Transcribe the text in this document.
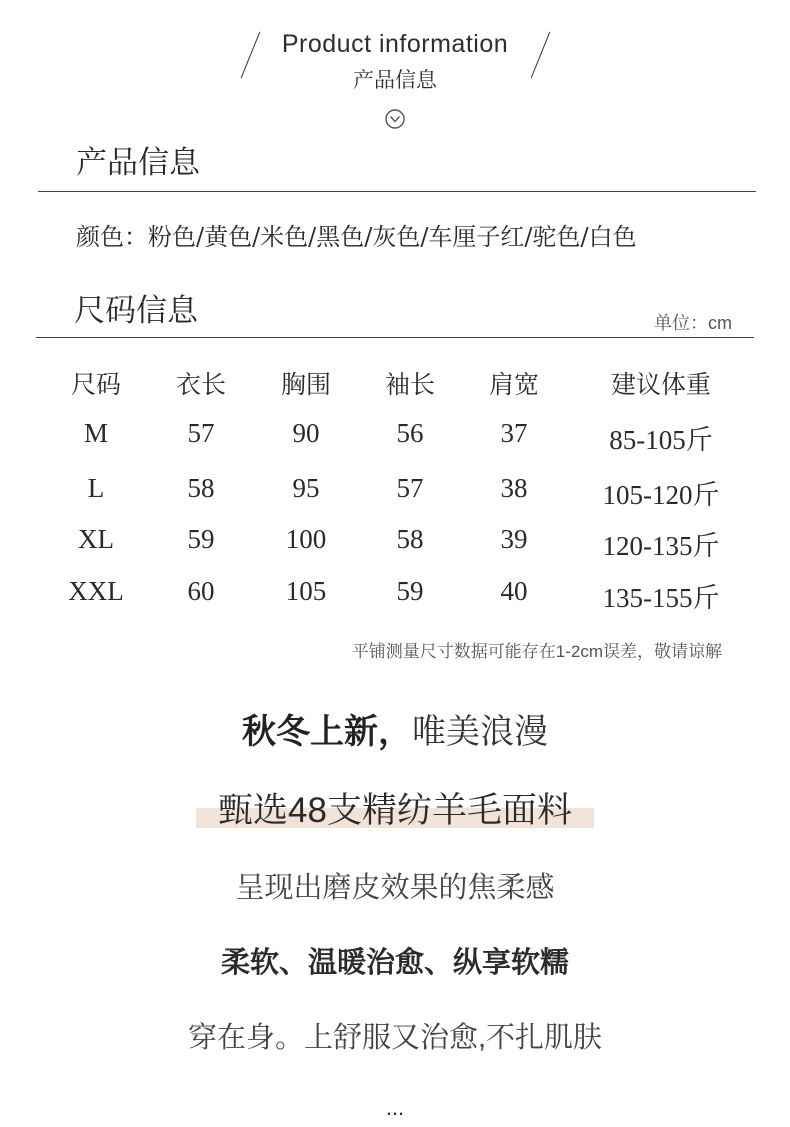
Product information
产品信息
产品信息
颜色：粉色/黄色/米色/黑色/灰色/车厘子红/驼色/白色
尺码信息	单位：cm
尺码 衣长 胸围 袖长 肩宽	建议体重
M	57	90	56	37	85-105斤
L	58	95	57	38	105-120斤
XL	59	100	58	39	120-135斤
XXL 60	105	59	40	135-155斤
平铺测量尺寸数据可能存在1-2cm误差，敬请谅解
秋冬上新，唯美浪漫
甄选48支精纺羊毛面料
呈现出磨皮效果的焦柔感
柔软、温暖治愈、纵享软糯
穿在身。上舒服又治愈,不扎肌肤
...
